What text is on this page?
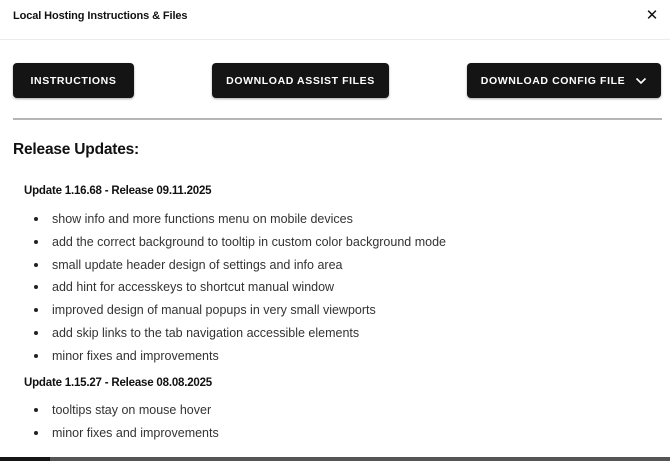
Local Hosting Instructions & Files	✕
INSTRUCTIONS	DOWNLOAD ASSIST FILES	DOWNLOAD CONFIG FILE
Release Updates:
Update 1.16.68 - Release 09.11.2025
show info and more functions menu on mobile devices
add the correct background to tooltip in custom color background mode
small update header design of settings and info area
add hint for accesskeys to shortcut manual window
improved design of manual popups in very small viewports
add skip links to the tab navigation accessible elements
minor fixes and improvements
Update 1.15.27 - Release 08.08.2025
tooltips stay on mouse hover
minor fixes and improvements
